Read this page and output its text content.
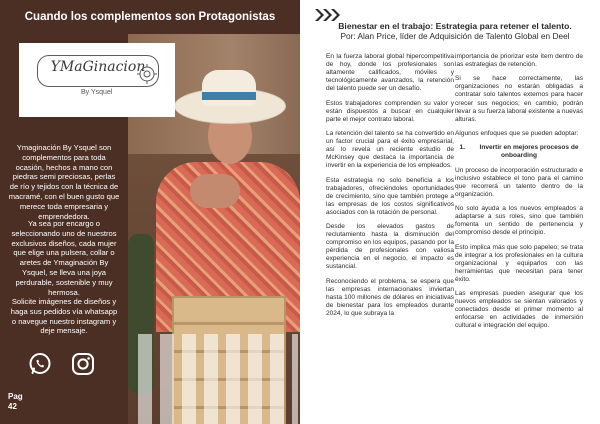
Cuando los complementos son Protagonistas
YMaGinacion
By Ysquel
Ymaginación By Ysquel son complementos para toda ocasión, hechos a mano con piedras semi preciosas, perlas de río y tejidos con la técnica de macramé, con el buen gusto que merece toda empresaria y emprendedora.
Ya sea por encargo o seleccionando uno de nuestros exclusivos diseños, cada mujer que elige una pulsera, collar o aretes de Ymaginación By Ysquel, se lleva una joya perdurable, sostenible y muy hermosa.
Solicite imágenes de diseños y haga sus pedidos vía whatsapp o navegue nuestro instagram y deje mensaje.
Pag
42
Bienestar en el trabajo: Estrategia para retener el talento.
Por: Alan Price, líder de Adquisición de Talento Global en Deel

En la fuerza laboral global hipercompetitiva de hoy, donde los profesionales son altamente calificados, móviles y tecnológicamente avanzados, la retención del talento puede ser un desafío.

Estos trabajadores comprenden su valor y están dispuestos a buscar en cualquier parte el mejor contrato laboral.

La retención del talento se ha convertido en un factor crucial para el éxito empresarial, así lo revela un reciente estudio de McKinsey que destaca la importancia de invertir en la experiencia de los empleados.

Esta estrategia no solo beneficia a los trabajadores, ofreciéndoles oportunidades de crecimiento, sino que también protege a las empresas de los costos significativos asociados con la rotación de personal.

Desde los elevados gastos de reclutamiento hasta la disminución del compromiso en los equipos, pasando por la pérdida de profesionales con valiosa experiencia en el negocio, el impacto es sustancial.

Reconociendo el problema, se espera que las empresas internacionales inviertan hasta 100 millones de dólares en iniciativas de bienestar para los empleados durante 2024, lo que subraya la

importancia de priorizar este ítem dentro de las estrategias de retención.

Si se hace correctamente, las organizaciones no estarán obligadas a contratar solo talentos externos para hacer crecer sus negocios; en cambio, podrán llevar a su fuerza laboral existente a nuevas alturas.

Algunos enfoques que se pueden adoptar:

1. Invertir en mejores procesos de onboarding

Un proceso de incorporación estructurado e inclusivo establece el tono para el camino que recorrerá un talento dentro de la organización.

No solo ayuda a los nuevos empleados a adaptarse a sus roles, sino que también fomenta un sentido de pertenencia y compromiso desde el principio.

Esto implica más que solo papeleo; se trata de integrar a los profesionales en la cultura organizacional y equiparlos con las herramientas que necesitan para tener éxito.

Las empresas pueden asegurar que los nuevos empleados se sientan valorados y conectados desde el primer momento al enfocarse en actividades de inmersión cultural e integración del equipo.
